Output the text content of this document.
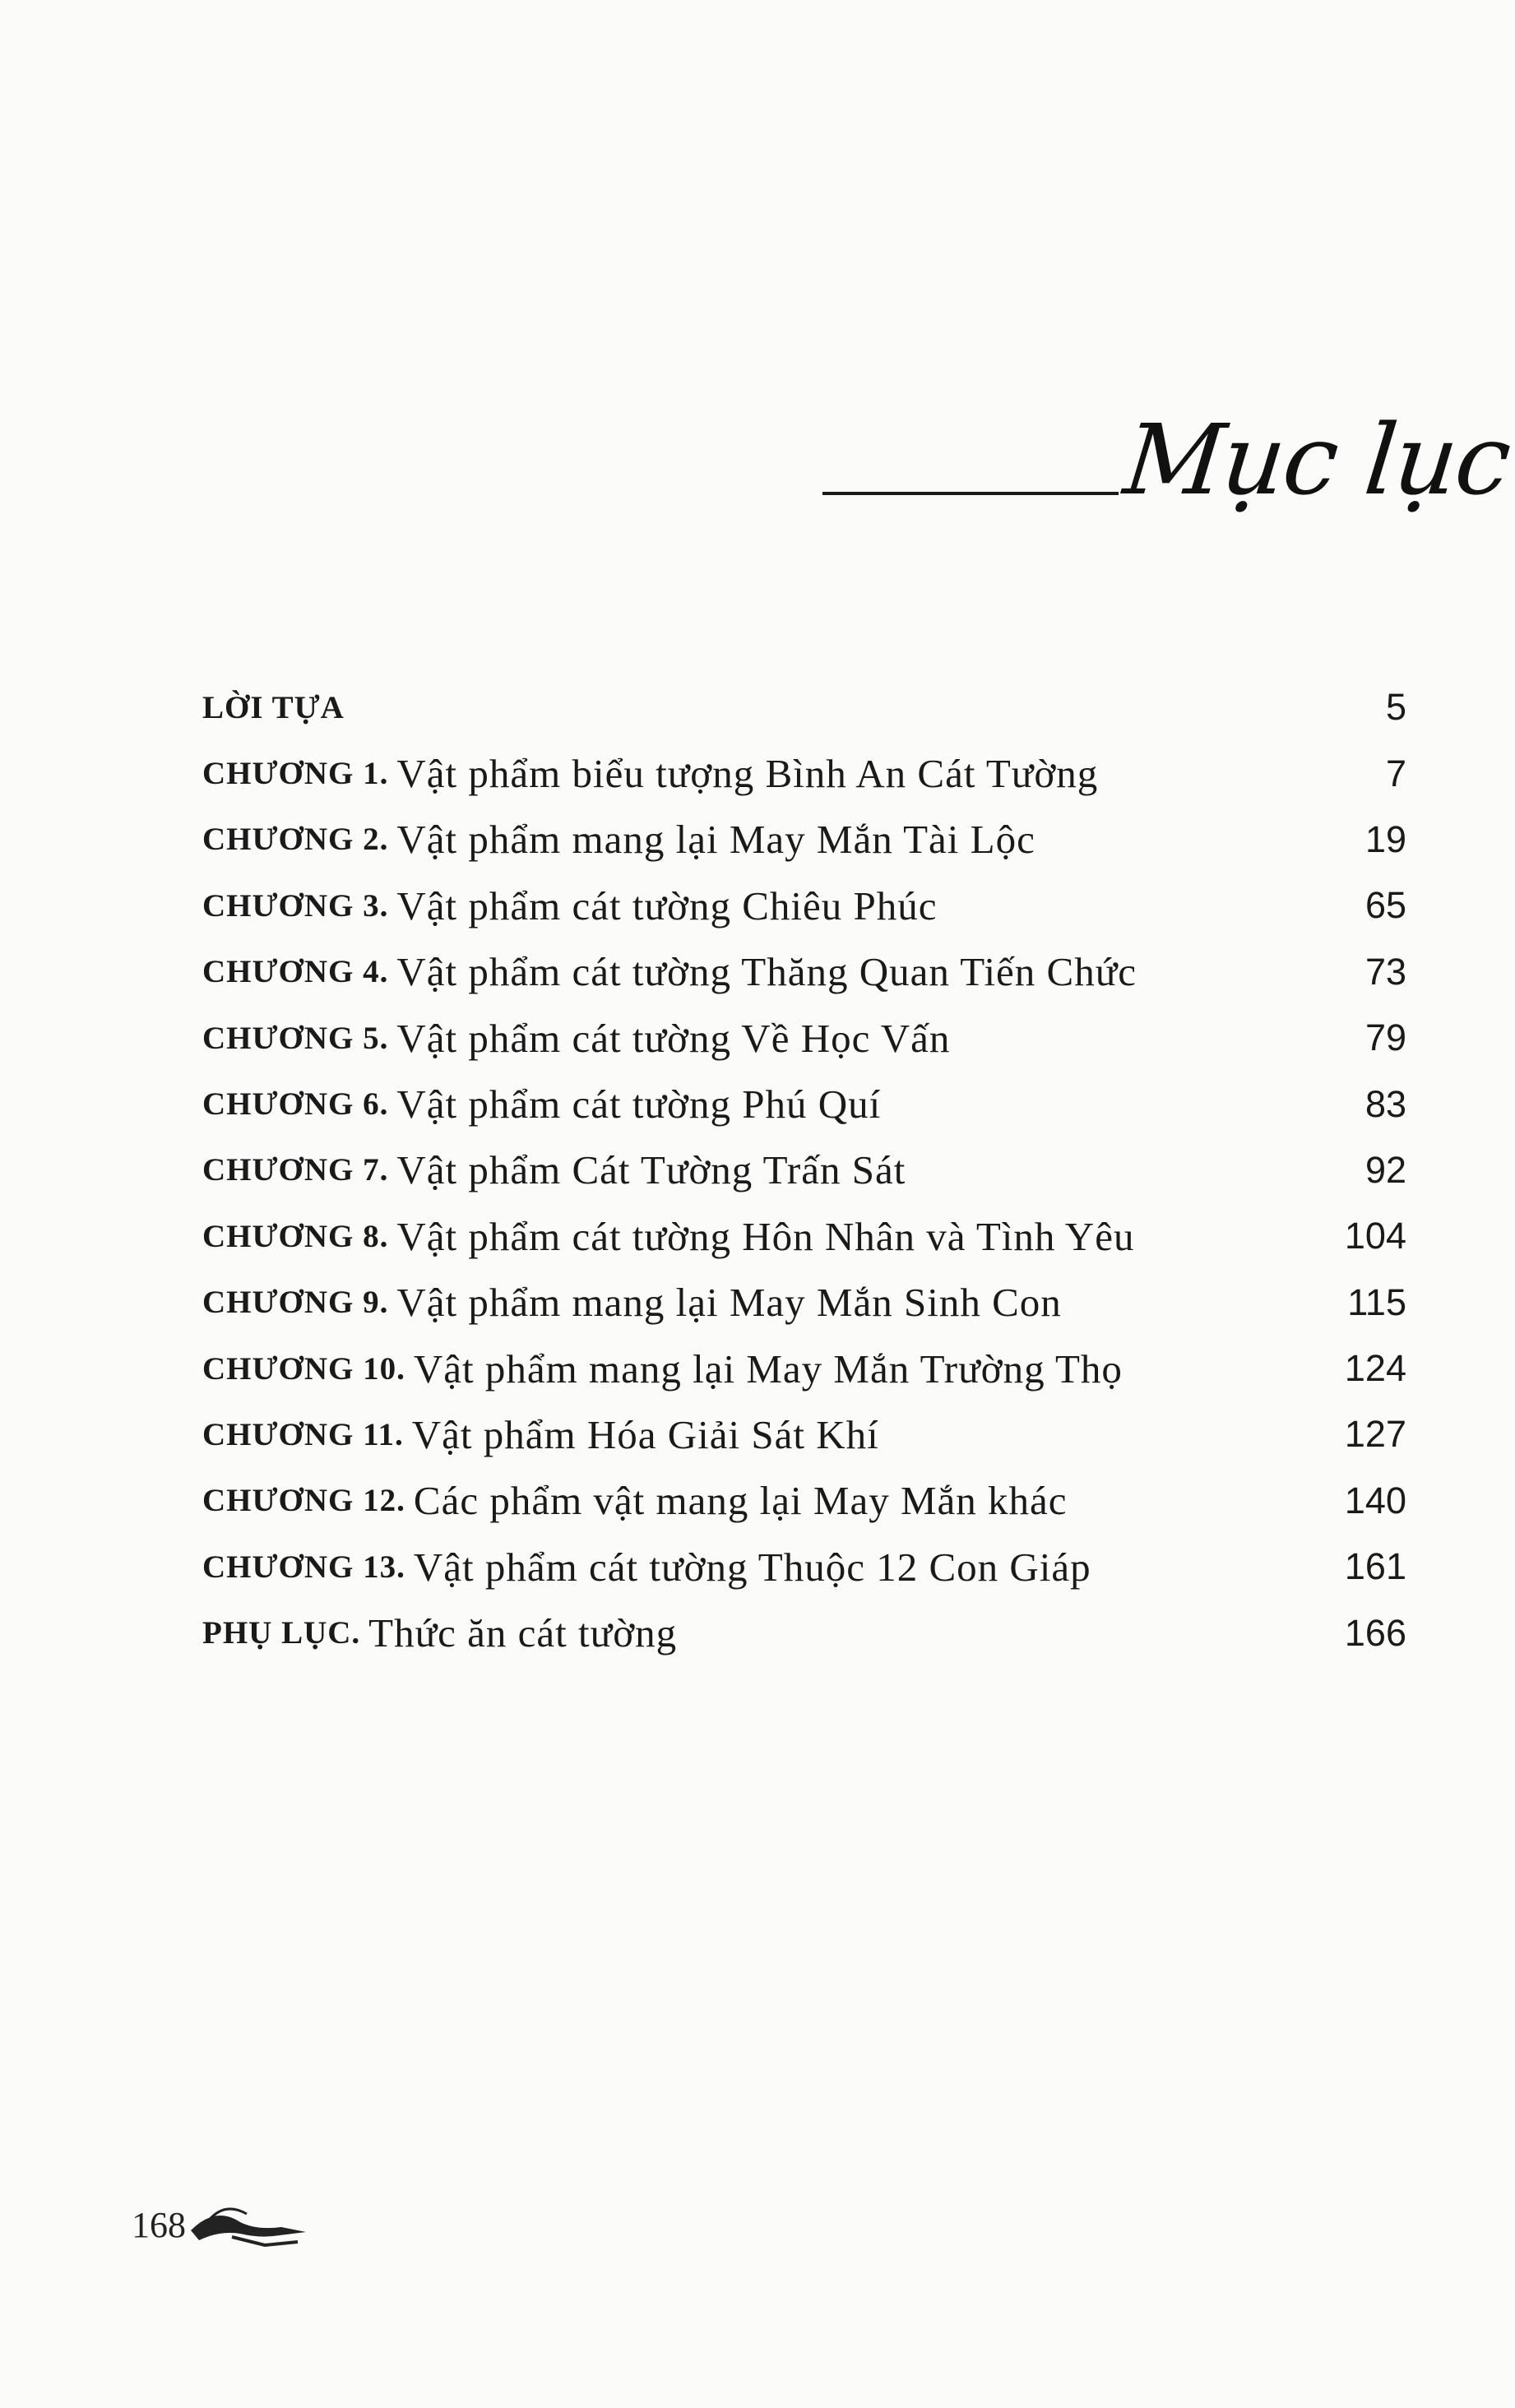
Mục lục
LỜI TỰA	5
CHƯƠNG 1. Vật phẩm biểu tượng Bình An Cát Tường	7
CHƯƠNG 2. Vật phẩm mang lại May Mắn Tài Lộc	19
CHƯƠNG 3. Vật phẩm cát tường Chiêu Phúc	65
CHƯƠNG 4. Vật phẩm cát tường Thăng Quan Tiến Chức	73
CHƯƠNG 5. Vật phẩm cát tường Về Học Vấn	79
CHƯƠNG 6. Vật phẩm cát tường Phú Quí	83
CHƯƠNG 7. Vật phẩm Cát Tường Trấn Sát	92
CHƯƠNG 8. Vật phẩm cát tường Hôn Nhân và Tình Yêu	104
CHƯƠNG 9. Vật phẩm mang lại May Mắn Sinh Con	115
CHƯƠNG 10. Vật phẩm mang lại May Mắn Trường Thọ	124
CHƯƠNG 11. Vật phẩm Hóa Giải Sát Khí	127
CHƯƠNG 12. Các phẩm vật mang lại May Mắn khác	140
CHƯƠNG 13. Vật phẩm cát tường Thuộc 12 Con Giáp	161
PHỤ LỤC. Thức ăn cát tường	166
168
